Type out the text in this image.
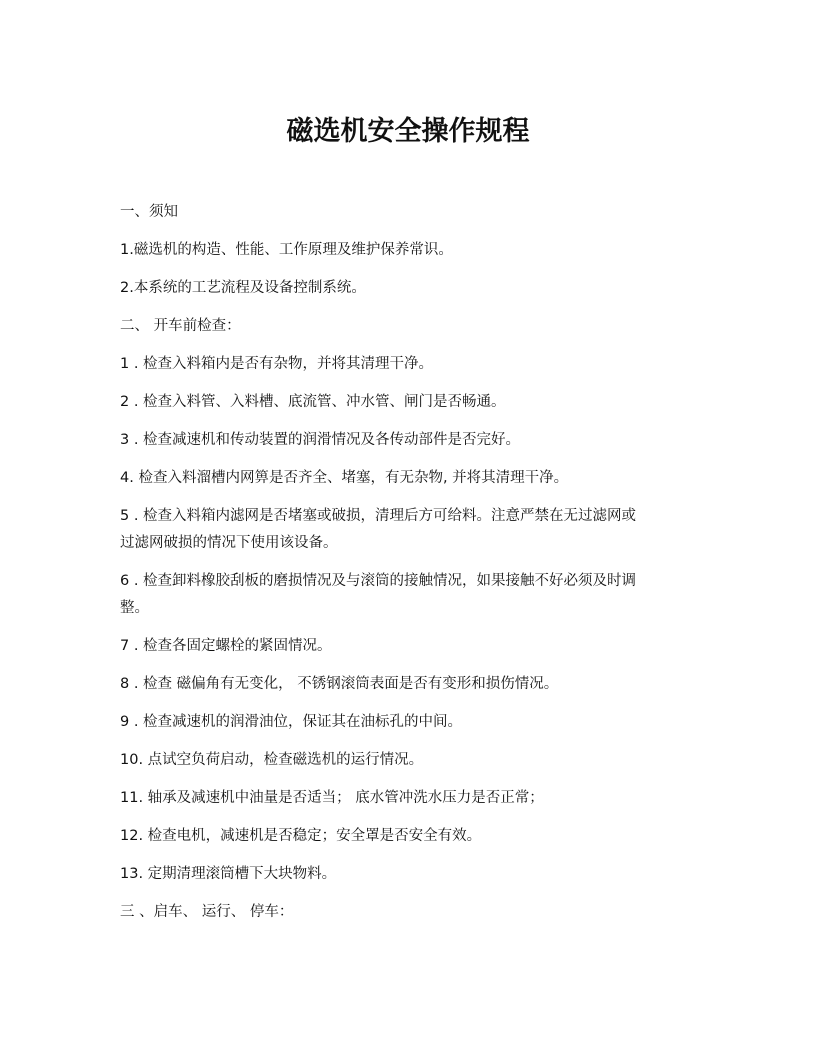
磁选机安全操作规程
一、须知
1.磁选机的构造、性能、工作原理及维护保养常识。
2.本系统的工艺流程及设备控制系统。
二、 开车前检查：
1 . 检查入料箱内是否有杂物，并将其清理干净。
2 . 检查入料管、入料槽、底流管、冲水管、闸门是否畅通。
3 . 检查减速机和传动装置的润滑情况及各传动部件是否完好。
4. 检查入料溜槽内网箅是否齐全、堵塞，有无杂物, 并将其清理干净。
5 . 检查入料箱内滤网是否堵塞或破损，清理后方可给料。注意严禁在无过滤网或
过滤网破损的情况下使用该设备。
6 . 检查卸料橡胶刮板的磨损情况及与滚筒的接触情况，如果接触不好必须及时调
整。
7 . 检查各固定螺栓的紧固情况。
8 . 检查 磁偏角有无变化， 不锈钢滚筒表面是否有变形和损伤情况。
9 . 检查减速机的润滑油位，保证其在油标孔的中间。
10. 点试空负荷启动，检查磁选机的运行情况。
11. 轴承及减速机中油量是否适当； 底水管冲洗水压力是否正常；
12. 检查电机，减速机是否稳定；安全罩是否安全有效。
13. 定期清理滚筒槽下大块物料。
三 、启车、 运行、 停车：
